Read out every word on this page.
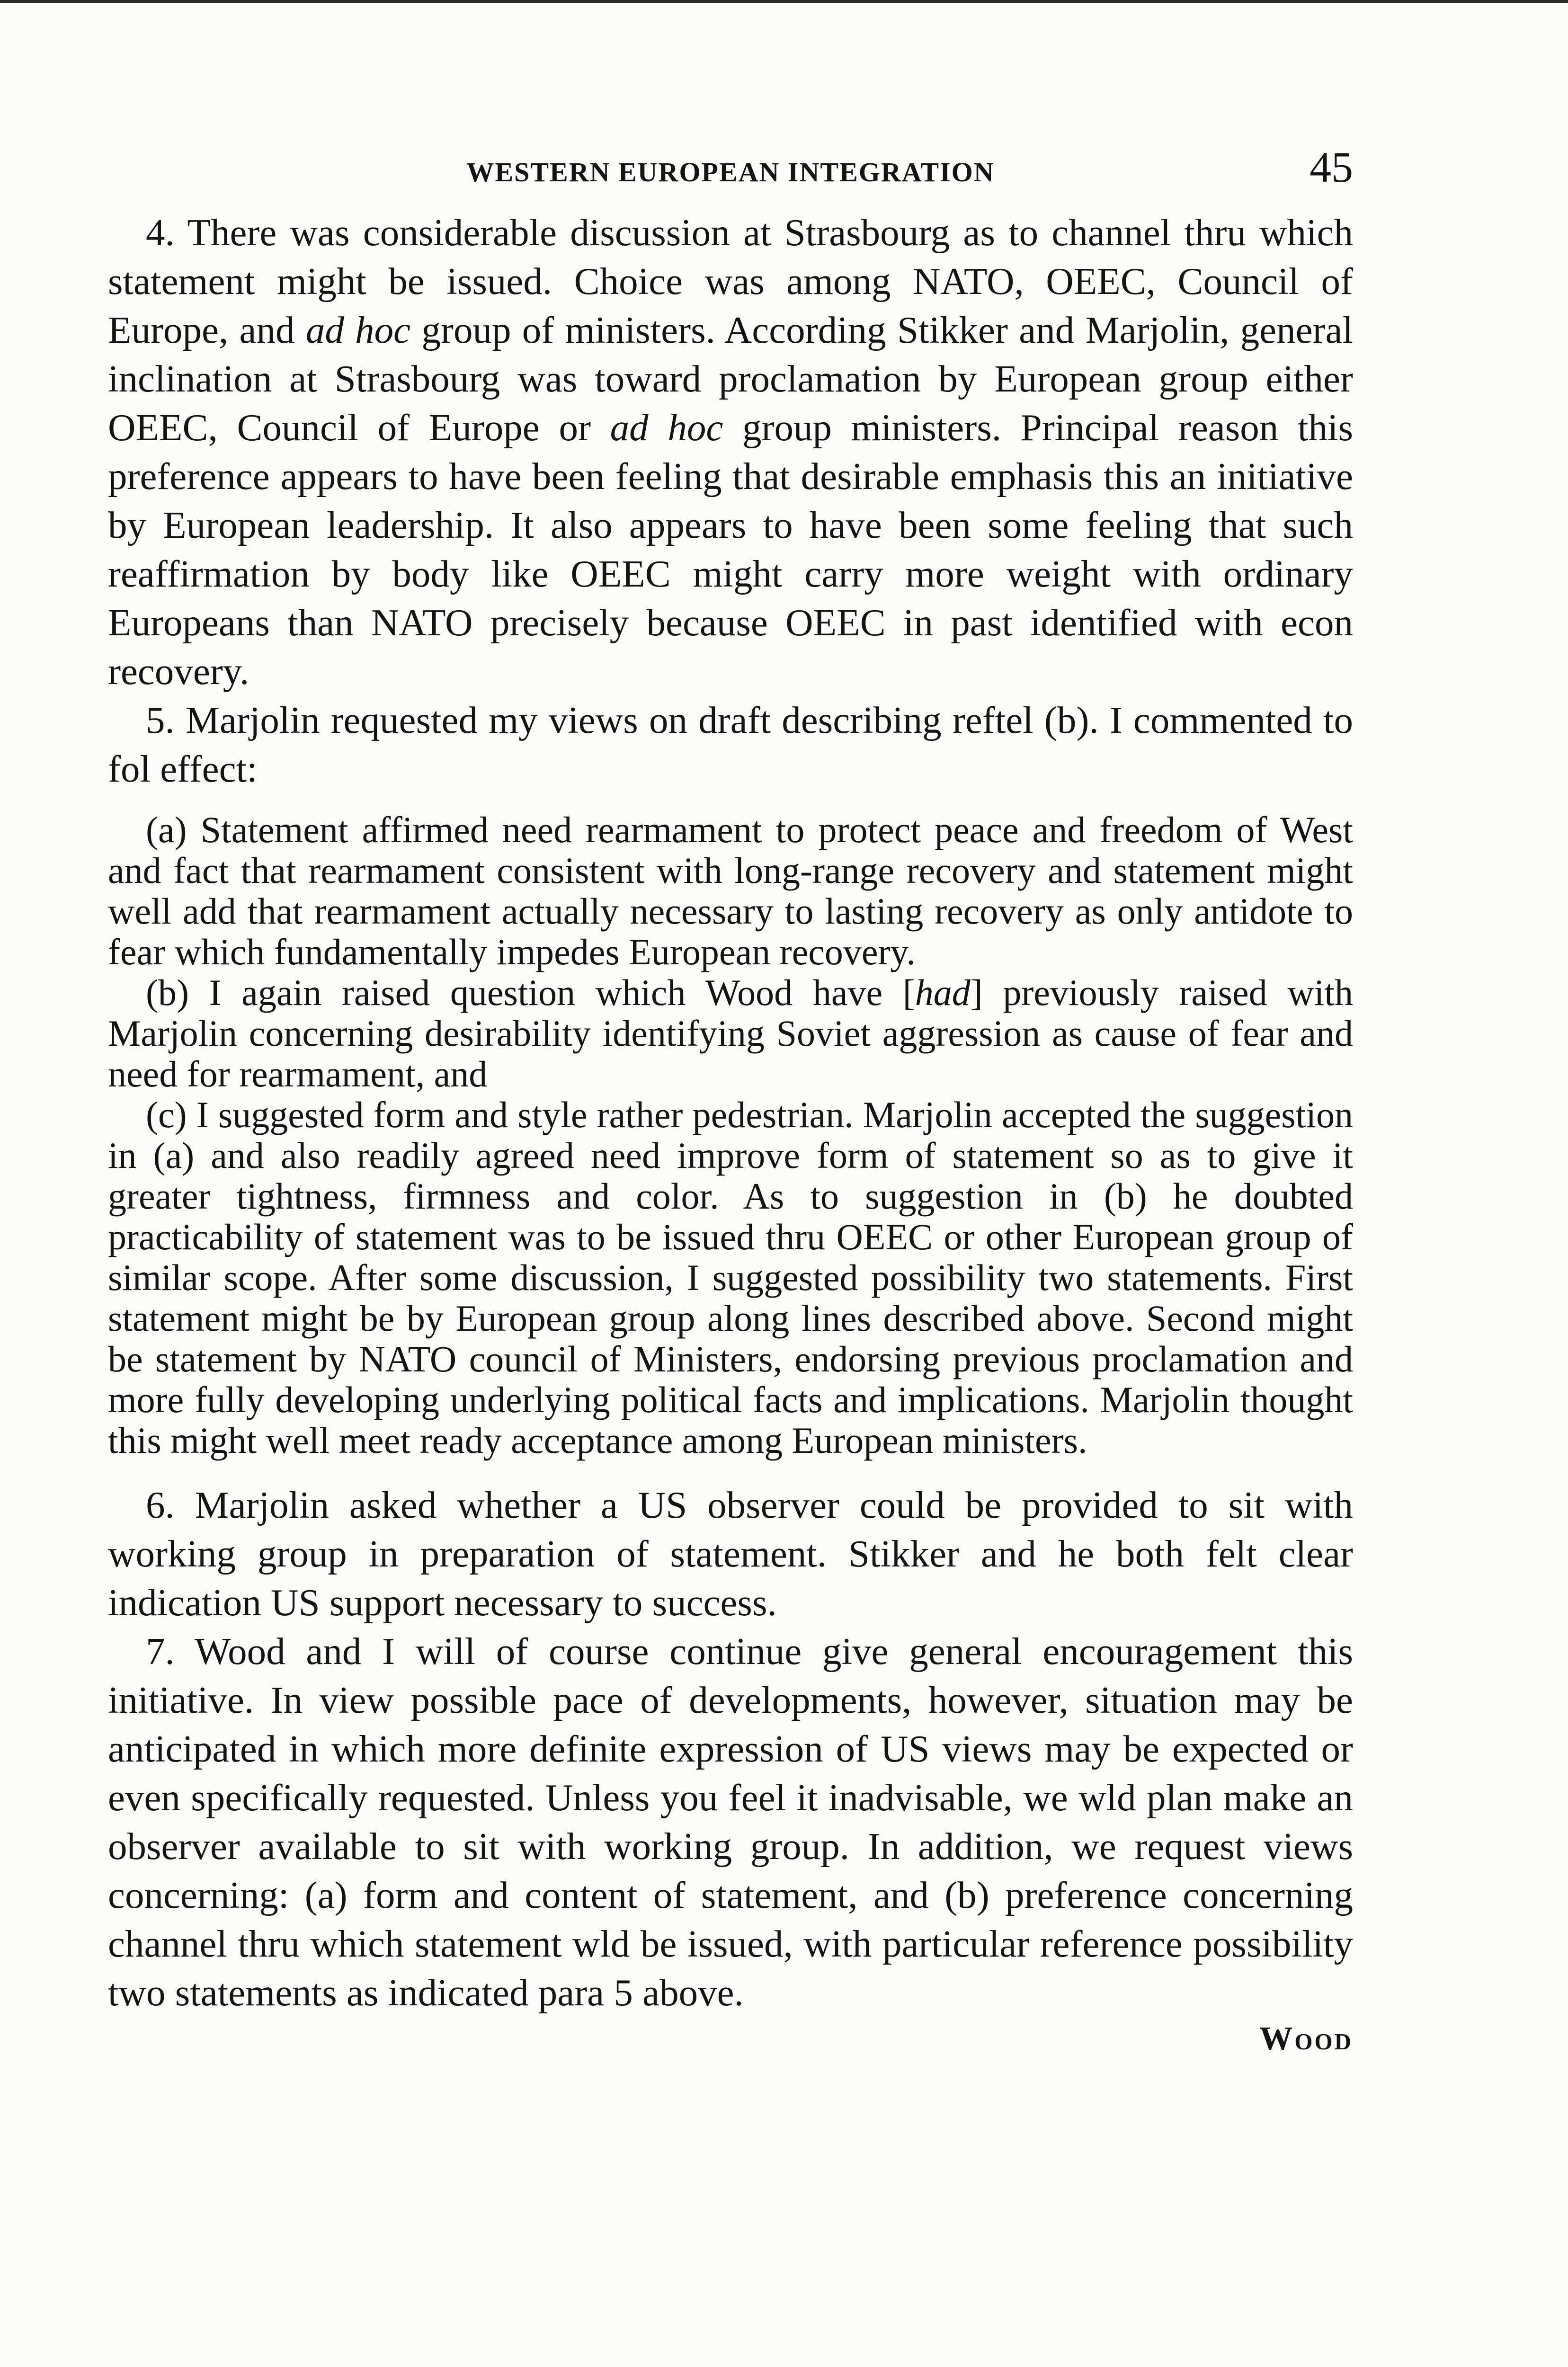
WESTERN EUROPEAN INTEGRATION	45

4. There was considerable discussion at Strasbourg as to channel thru which statement might be issued. Choice was among NATO, OEEC, Council of Europe, and ad hoc group of ministers. According Stikker and Marjolin, general inclination at Strasbourg was toward proclamation by European group either OEEC, Council of Europe or ad hoc group ministers. Principal reason this preference appears to have been feeling that desirable emphasis this an initiative by European leadership. It also appears to have been some feeling that such reaffirmation by body like OEEC might carry more weight with ordinary Europeans than NATO precisely because OEEC in past identified with econ recovery.

5. Marjolin requested my views on draft describing reftel (b). I commented to fol effect:

(a) Statement affirmed need rearmament to protect peace and freedom of West and fact that rearmament consistent with long-range recovery and statement might well add that rearmament actually necessary to lasting recovery as only antidote to fear which fundamentally impedes European recovery.

(b) I again raised question which Wood have [had] previously raised with Marjolin concerning desirability identifying Soviet aggression as cause of fear and need for rearmament, and

(c) I suggested form and style rather pedestrian. Marjolin accepted the suggestion in (a) and also readily agreed need improve form of statement so as to give it greater tightness, firmness and color. As to suggestion in (b) he doubted practicability of statement was to be issued thru OEEC or other European group of similar scope. After some discussion, I suggested possibility two statements. First statement might be by European group along lines described above. Second might be statement by NATO council of Ministers, endorsing previous proclamation and more fully developing underlying political facts and implications. Marjolin thought this might well meet ready acceptance among European ministers.

6. Marjolin asked whether a US observer could be provided to sit with working group in preparation of statement. Stikker and he both felt clear indication US support necessary to success.

7. Wood and I will of course continue give general encouragement this initiative. In view possible pace of developments, however, situation may be anticipated in which more definite expression of US views may be expected or even specifically requested. Unless you feel it inadvisable, we wld plan make an observer available to sit with working group. In addition, we request views concerning: (a) form and content of statement, and (b) preference concerning channel thru which statement wld be issued, with particular reference possibility two statements as indicated para 5 above.

Wood
